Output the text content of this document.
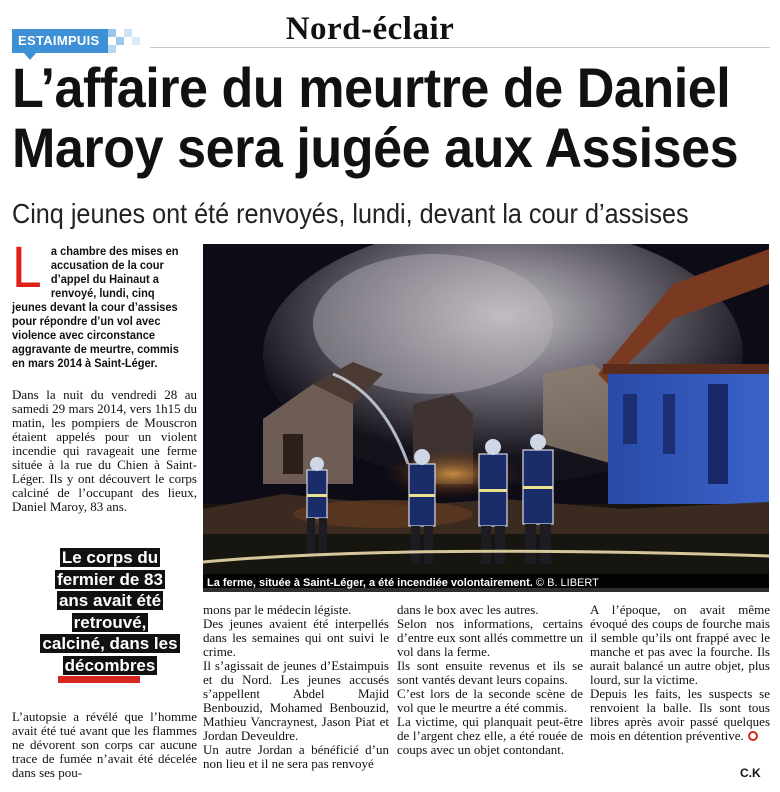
ESTAIMPUIS	Nord-éclair
L’affaire du meurtre de Daniel
Maroy sera jugée aux Assises
Cinq jeunes ont été renvoyés, lundi, devant la cour d’assises
L a chambre des mises en accusation de la cour d’appel du Hainaut a renvoyé, lundi, cinq jeunes devant la cour d’assises pour répondre d’un vol avec violence avec circonstance aggravante de meurtre, commis en mars 2014 à Saint-Léger.
Dans la nuit du vendredi 28 au samedi 29 mars 2014, vers 1h15 du matin, les pompiers de Mouscron étaient appelés pour un violent incendie qui ravageait une ferme située à la rue du Chien à Saint-Léger. Ils y ont découvert le corps calciné de l’occupant des lieux, Daniel Maroy, 83 ans.
Le corps du fermier de 83 ans avait été retrouvé, calciné, dans les décombres
L’autopsie a révélé que l’homme avait été tué avant que les flammes ne dévorent son corps car aucune trace de fumée n’avait été décelée dans ses pou-
La ferme, située à Saint-Léger, a été incendiée volontairement. © B. LIBERT

mons par le médecin légiste.

Des jeunes avaient été interpellés dans les semaines qui ont suivi le crime.

Il s’agissait de jeunes d’Estaimpuis et du Nord. Les jeunes accusés s’appellent Abdel Majid Benbouzid, Mohamed Benbouzid, Mathieu Vancraynest, Jason Piat et Jordan Deveuldre.

Un autre Jordan a bénéficié d’un non lieu et il ne sera pas renvoyé

dans le box avec les autres.

Selon nos informations, certains d’entre eux sont allés commettre un vol dans la ferme.

Ils sont ensuite revenus et ils se sont vantés devant leurs copains.

C’est lors de la seconde scène de vol que le meurtre a été commis.

La victime, qui planquait peut-être de l’argent chez elle, a été rouée de coups avec un objet contondant.

A l’époque, on avait même évoqué des coups de fourche mais il semble qu’ils ont frappé avec le manche et pas avec la fourche. Ils aurait balancé un autre objet, plus lourd, sur la victime.

Depuis les faits, les suspects se renvoient la balle. Ils sont tous libres après avoir passé quelques mois en détention préventive.

C.K
